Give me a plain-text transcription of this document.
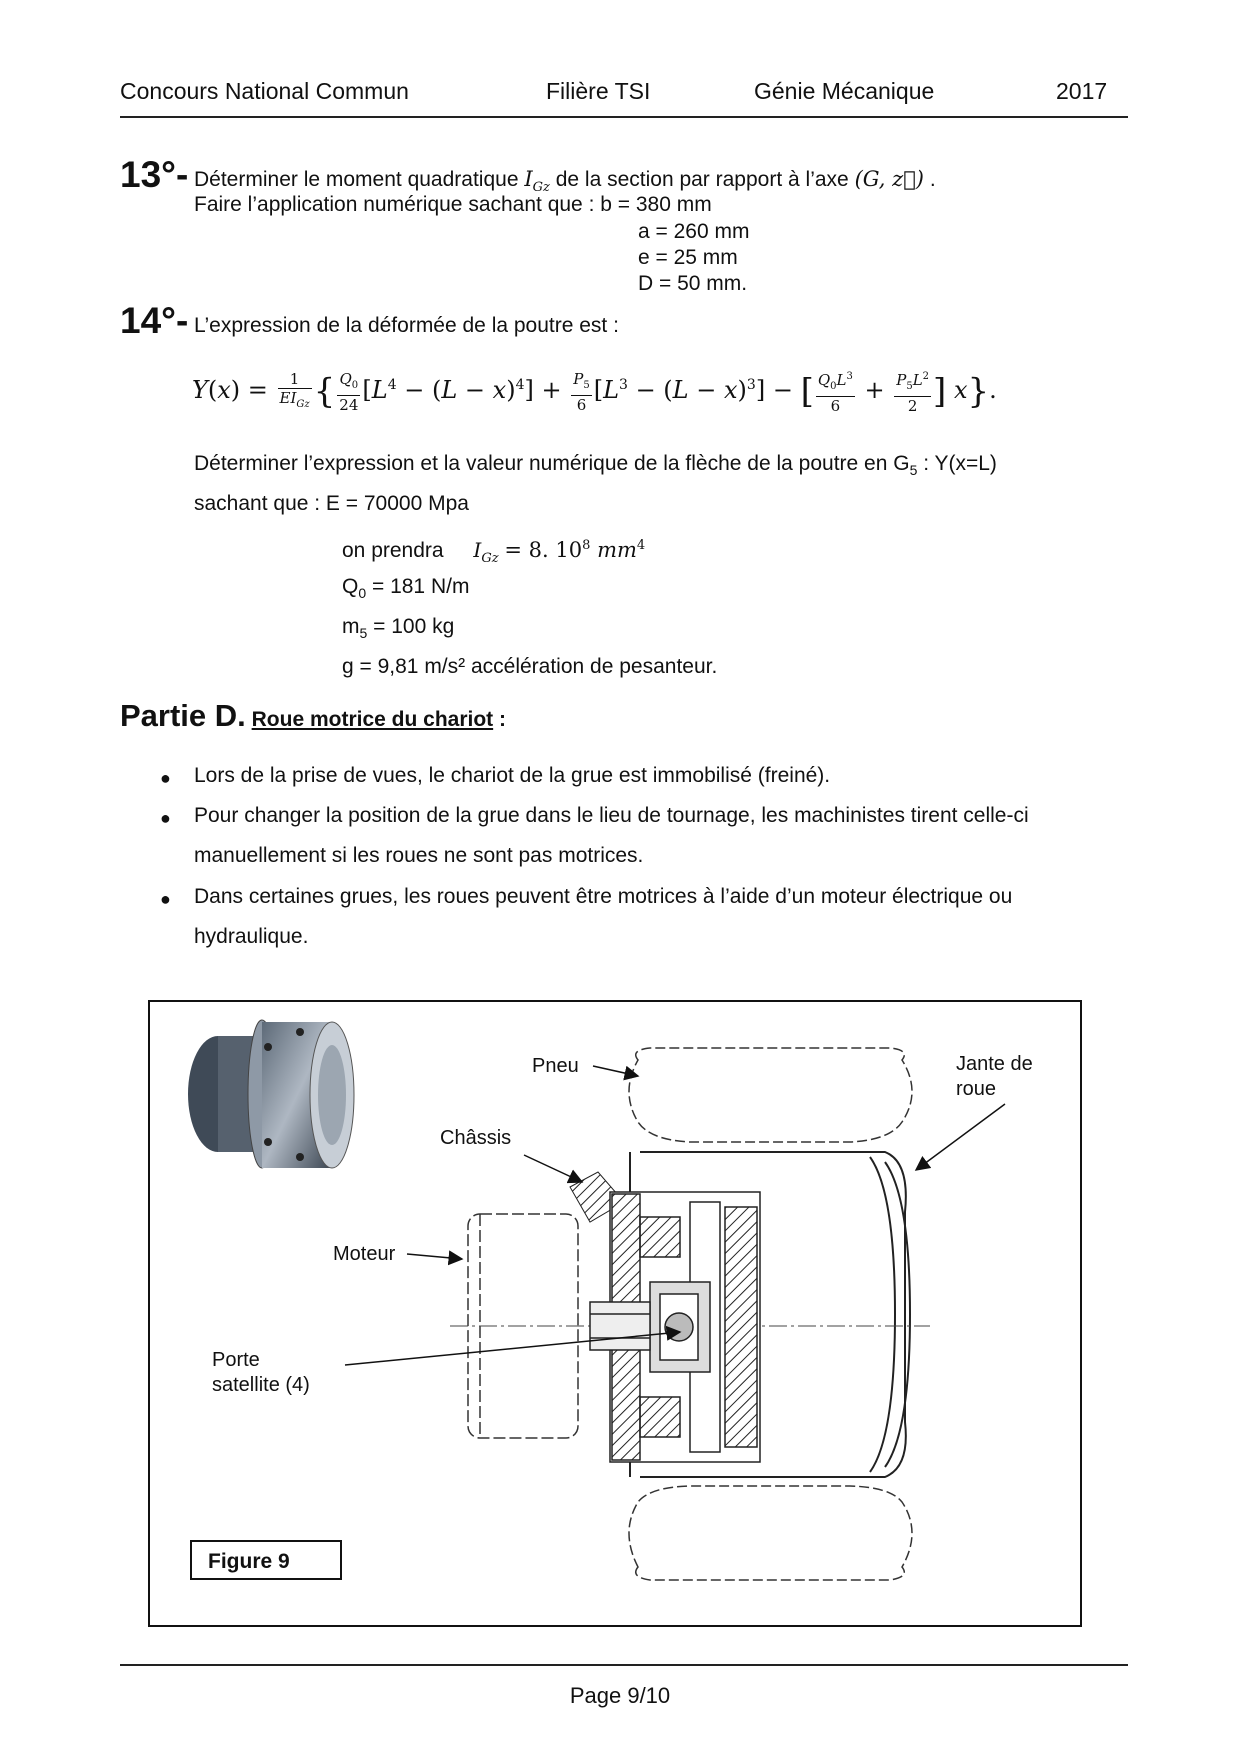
Concours National Commun	Filière TSI	Génie Mécanique	2017
13°- Déterminer le moment quadratique $I_{Gz}$ de la section par rapport à l’axe (G, z⃗) .
Faire l’application numérique sachant que : b = 380 mm
a = 260 mm
e = 25 mm
D = 50 mm.
14°- L’expression de la déformée de la poutre est :
$Y(x) = \frac{1}{EI_{Gz}}$ { $\frac{Q_0}{24} [L^4 - (L - x)^4] + \frac{P_5}{6} [L^3 - (L - x)^3]$ − [ $\frac{Q_0L^3}{6} + \frac{P_5L^2}{2}$ ] x}.
Déterminer l’expression et la valeur numérique de la flèche de la poutre en $G_5$ : Y(x=L)
sachant que : E = 70000 Mpa
on prendra $I_{Gz} = 8$. $10^8$ $mm^4$
$Q_0 = 181$ N/m
$m_5 = 100$ kg
g = 9,81 m/s² accélération de pesanteur.
Partie D. Roue motrice du chariot :
● Lors de la prise de vues, le chariot de la grue est immobilisé (freiné).
● Pour changer la position de la grue dans le lieu de tournage, les machinistes tirent celle-ci
manuellement si les roues ne sont pas motrices.
● Dans certaines grues, les roues peuvent être motrices à l’aide d’un moteur électrique ou
hydraulique.
Pneu	Jante de
roue
Châssis
Moteur
Porte
satellite (4)
Figure 9
Page 9/10
